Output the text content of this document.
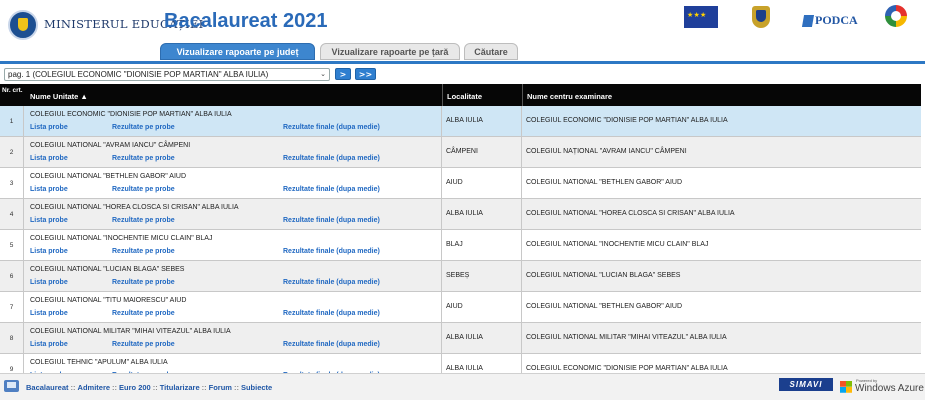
MINISTERUL EDUCAȚIEI
Bacalaureat 2021
★ ★ ★	PODCA
Vizualizare rapoarte pe județ	Vizualizare rapoarte pe țară	Căutare
pag. 1 (COLEGIUL ECONOMIC "DIONISIE POP MARTIAN" ALBA IULIA)	⌄	>	>>
Nr. crt.
Nume Unitate ▲	Localitate	Nume centru examinare
1
COLEGIUL ECONOMIC "DIONISIE POP MARTIAN" ALBA IULIA
Lista probe	Rezultate pe probe	Rezultate finale (dupa medie)
ALBA IULIA	COLEGIUL ECONOMIC "DIONISIE POP MARTIAN" ALBA IULIA
2
COLEGIUL NATIONAL "AVRAM IANCU" CÂMPENI
Lista probe	Rezultate pe probe	Rezultate finale (dupa medie)
CÂMPENI	COLEGIUL NAȚIONAL "AVRAM IANCU" CÂMPENI
3
COLEGIUL NATIONAL "BETHLEN GABOR" AIUD
Lista probe	Rezultate pe probe	Rezultate finale (dupa medie)
AIUD	COLEGIUL NATIONAL "BETHLEN GABOR" AIUD
4
COLEGIUL NATIONAL "HOREA CLOSCA SI CRISAN" ALBA IULIA
Lista probe	Rezultate pe probe	Rezultate finale (dupa medie)
ALBA IULIA	COLEGIUL NATIONAL "HOREA CLOSCA SI CRISAN" ALBA IULIA
5
COLEGIUL NATIONAL "INOCHENTIE MICU CLAIN" BLAJ
Lista probe	Rezultate pe probe	Rezultate finale (dupa medie)
BLAJ	COLEGIUL NATIONAL "INOCHENTIE MICU CLAIN" BLAJ
6
COLEGIUL NATIONAL "LUCIAN BLAGA" SEBES
Lista probe	Rezultate pe probe	Rezultate finale (dupa medie)
SEBEȘ	COLEGIUL NATIONAL "LUCIAN BLAGA" SEBES
7
COLEGIUL NATIONAL "TITU MAIORESCU" AIUD
Lista probe	Rezultate pe probe	Rezultate finale (dupa medie)
AIUD	COLEGIUL NATIONAL "BETHLEN GABOR" AIUD
8
COLEGIUL NATIONAL MILITAR "MIHAI VITEAZUL" ALBA IULIA
Lista probe	Rezultate pe probe	Rezultate finale (dupa medie)
ALBA IULIA	COLEGIUL NATIONAL MILITAR "MIHAI VITEAZUL" ALBA IULIA
9
COLEGIUL TEHNIC "APULUM" ALBA IULIA
ALBA IULIA	COLEGIUL ECONOMIC "DIONISIE POP MARTIAN" ALBA IULIA
Bacalaureat :: Admitere :: Euro 200 :: Titularizare :: Forum :: Subiecte	SIMAVI	Powered by
Windows Azure
